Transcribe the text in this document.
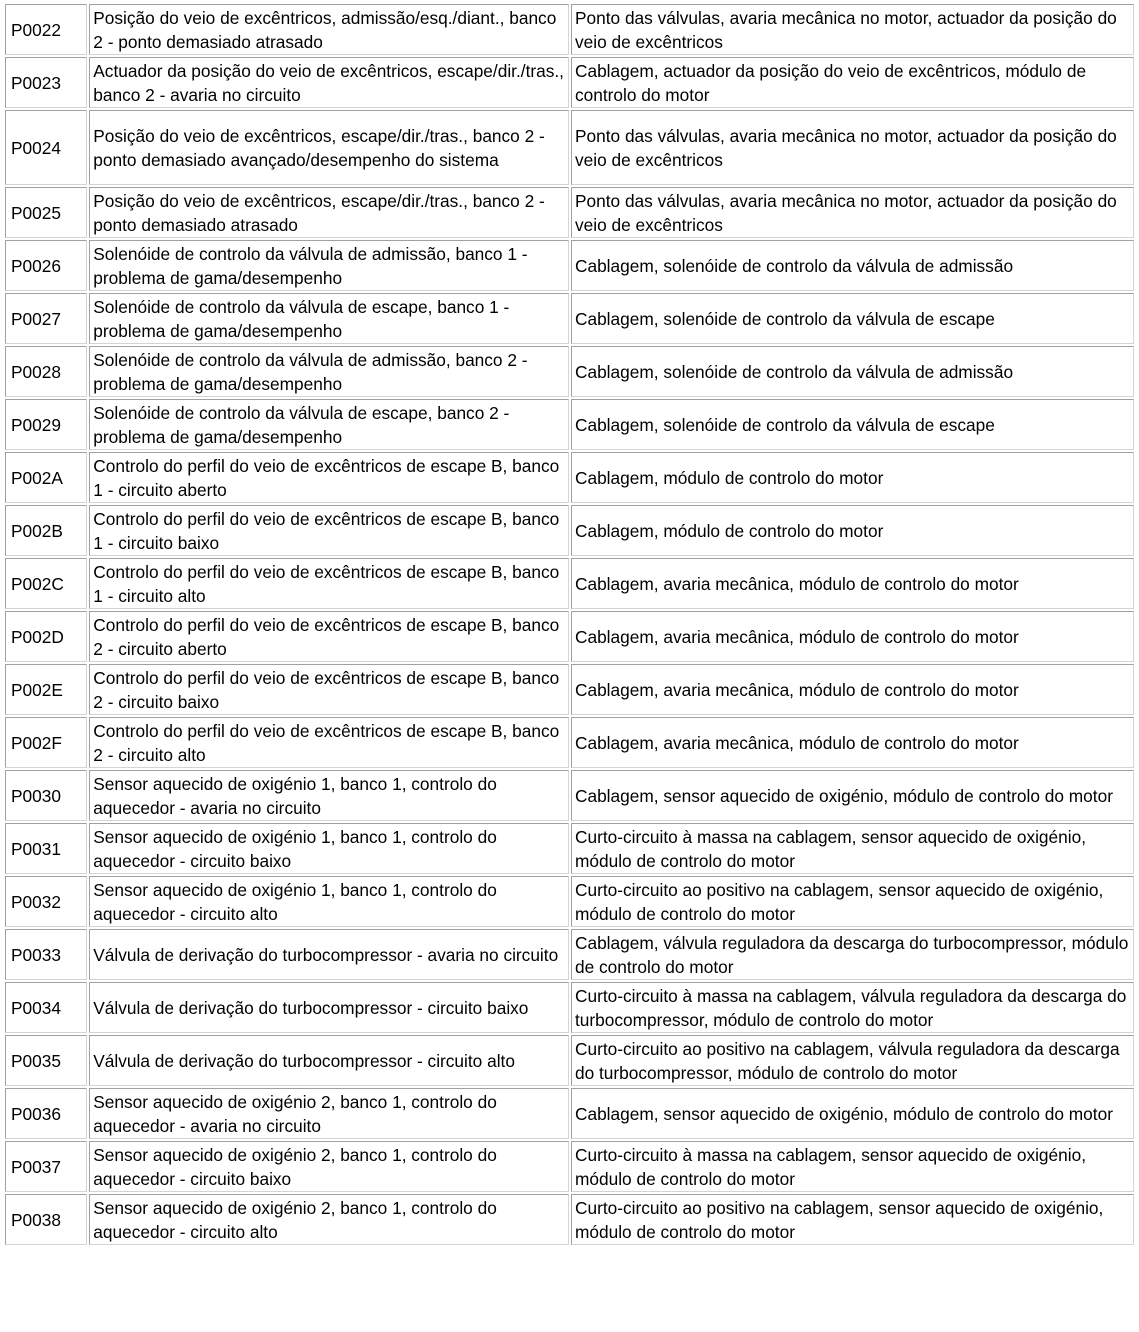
P0022	Posição do veio de excêntricos, admissão/esq./diant., banco 2 - ponto demasiado atrasado	Ponto das válvulas, avaria mecânica no motor, actuador da posição do veio de excêntricos
P0023	Actuador da posição do veio de excêntricos, escape/dir./tras., banco 2 - avaria no circuito	Cablagem, actuador da posição do veio de excêntricos, módulo de controlo do motor
P0024	Posição do veio de excêntricos, escape/dir./tras., banco 2 - ponto demasiado avançado/desempenho do sistema	Ponto das válvulas, avaria mecânica no motor, actuador da posição do veio de excêntricos
P0025	Posição do veio de excêntricos, escape/dir./tras., banco 2 - ponto demasiado atrasado	Ponto das válvulas, avaria mecânica no motor, actuador da posição do veio de excêntricos
P0026	Solenóide de controlo da válvula de admissão, banco 1 - problema de gama/desempenho	Cablagem, solenóide de controlo da válvula de admissão
P0027	Solenóide de controlo da válvula de escape, banco 1 - problema de gama/desempenho	Cablagem, solenóide de controlo da válvula de escape
P0028	Solenóide de controlo da válvula de admissão, banco 2 - problema de gama/desempenho	Cablagem, solenóide de controlo da válvula de admissão
P0029	Solenóide de controlo da válvula de escape, banco 2 - problema de gama/desempenho	Cablagem, solenóide de controlo da válvula de escape
P002A	Controlo do perfil do veio de excêntricos de escape B, banco 1 - circuito aberto	Cablagem, módulo de controlo do motor
P002B	Controlo do perfil do veio de excêntricos de escape B, banco 1 - circuito baixo	Cablagem, módulo de controlo do motor
P002C	Controlo do perfil do veio de excêntricos de escape B, banco 1 - circuito alto	Cablagem, avaria mecânica, módulo de controlo do motor
P002D	Controlo do perfil do veio de excêntricos de escape B, banco 2 - circuito aberto	Cablagem, avaria mecânica, módulo de controlo do motor
P002E	Controlo do perfil do veio de excêntricos de escape B, banco 2 - circuito baixo	Cablagem, avaria mecânica, módulo de controlo do motor
P002F	Controlo do perfil do veio de excêntricos de escape B, banco 2 - circuito alto	Cablagem, avaria mecânica, módulo de controlo do motor
P0030	Sensor aquecido de oxigénio 1, banco 1, controlo do aquecedor - avaria no circuito	Cablagem, sensor aquecido de oxigénio, módulo de controlo do motor
P0031	Sensor aquecido de oxigénio 1, banco 1, controlo do aquecedor - circuito baixo	Curto-circuito à massa na cablagem, sensor aquecido de oxigénio, módulo de controlo do motor
P0032	Sensor aquecido de oxigénio 1, banco 1, controlo do aquecedor - circuito alto	Curto-circuito ao positivo na cablagem, sensor aquecido de oxigénio, módulo de controlo do motor
P0033	Válvula de derivação do turbocompressor - avaria no circuito	Cablagem, válvula reguladora da descarga do turbocompressor, módulo de controlo do motor
P0034	Válvula de derivação do turbocompressor - circuito baixo	Curto-circuito à massa na cablagem, válvula reguladora da descarga do turbocompressor, módulo de controlo do motor
P0035	Válvula de derivação do turbocompressor - circuito alto	Curto-circuito ao positivo na cablagem, válvula reguladora da descarga do turbocompressor, módulo de controlo do motor
P0036	Sensor aquecido de oxigénio 2, banco 1, controlo do aquecedor - avaria no circuito	Cablagem, sensor aquecido de oxigénio, módulo de controlo do motor
P0037	Sensor aquecido de oxigénio 2, banco 1, controlo do aquecedor - circuito baixo	Curto-circuito à massa na cablagem, sensor aquecido de oxigénio, módulo de controlo do motor
P0038	Sensor aquecido de oxigénio 2, banco 1, controlo do aquecedor - circuito alto	Curto-circuito ao positivo na cablagem, sensor aquecido de oxigénio, módulo de controlo do motor
